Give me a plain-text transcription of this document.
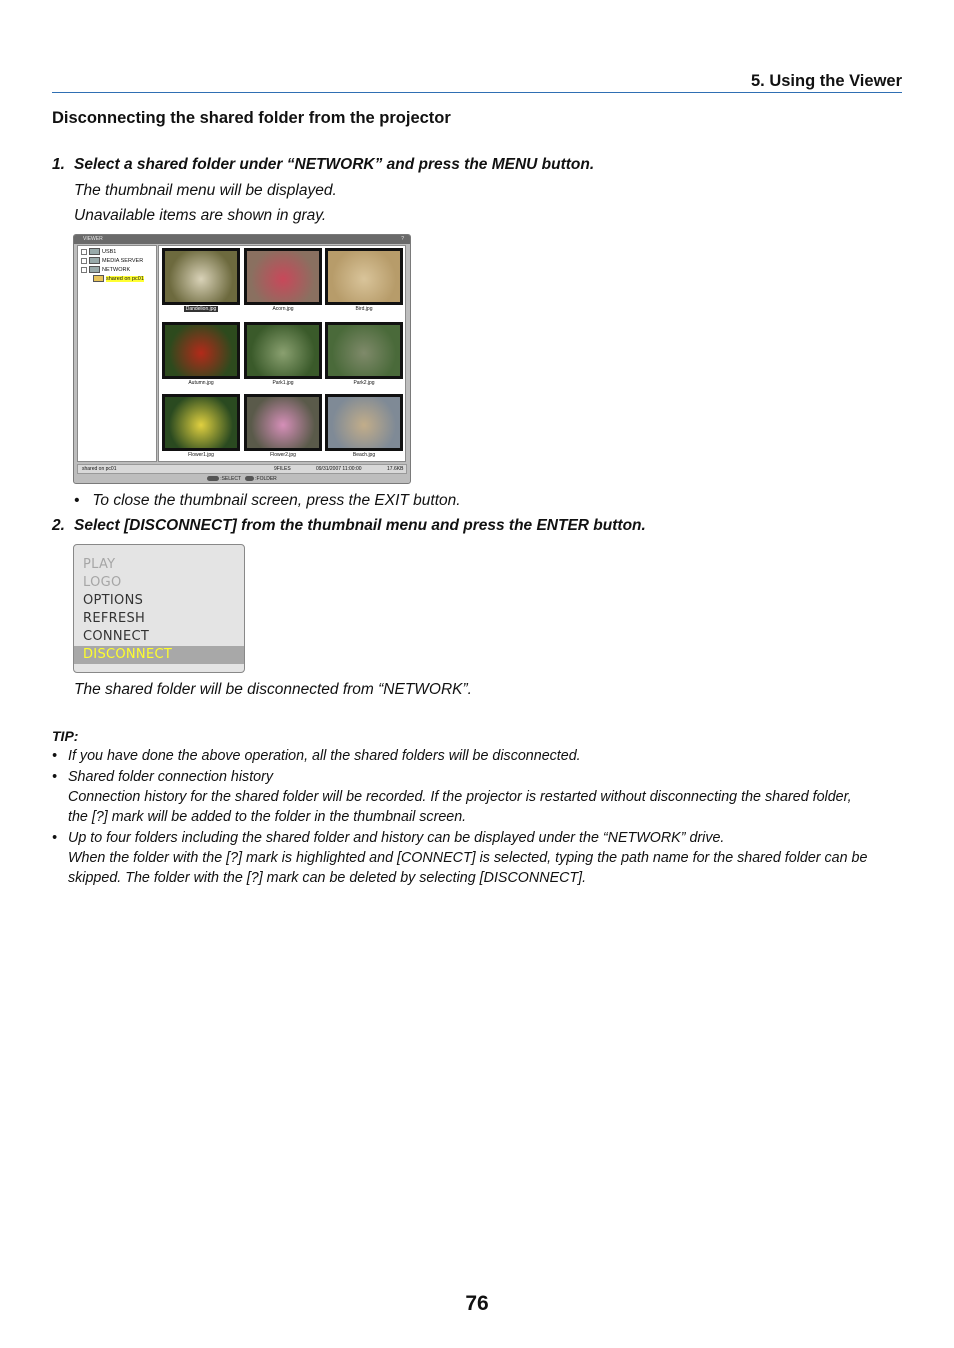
5. Using the Viewer
Disconnecting the shared folder from the projector
1. Select a shared folder under “NETWORK” and press the MENU button.
The thumbnail menu will be displayed.
Unavailable items are shown in gray.
VIEWER	?
USB1
MEDIA SERVER
NETWORK
shared on pc01
Dandelion.jpg	Acorn.jpg	Bird.jpg
Autumn.jpg	Park1.jpg	Park2.jpg
Flower1.jpg	Flower2.jpg	Beach.jpg
shared on pc01	9FILES	09/31/2007 11:00:00	17.6KB
:SELECT	:FOLDER
• To close the thumbnail screen, press the EXIT button.
2. Select [DISCONNECT] from the thumbnail menu and press the ENTER button.
PLAY
LOGO
OPTIONS
REFRESH
CONNECT
DISCONNECT
The shared folder will be disconnected from “NETWORK”.
TIP:
• If you have done the above operation, all the shared folders will be disconnected.
• Shared folder connection history
Connection history for the shared folder will be recorded. If the projector is restarted without disconnecting the shared folder,
the [?] mark will be added to the folder in the thumbnail screen.
• Up to four folders including the shared folder and history can be displayed under the “NETWORK” drive.
When the folder with the [?] mark is highlighted and [CONNECT] is selected, typing the path name for the shared folder can be
skipped. The folder with the [?] mark can be deleted by selecting [DISCONNECT].
76
